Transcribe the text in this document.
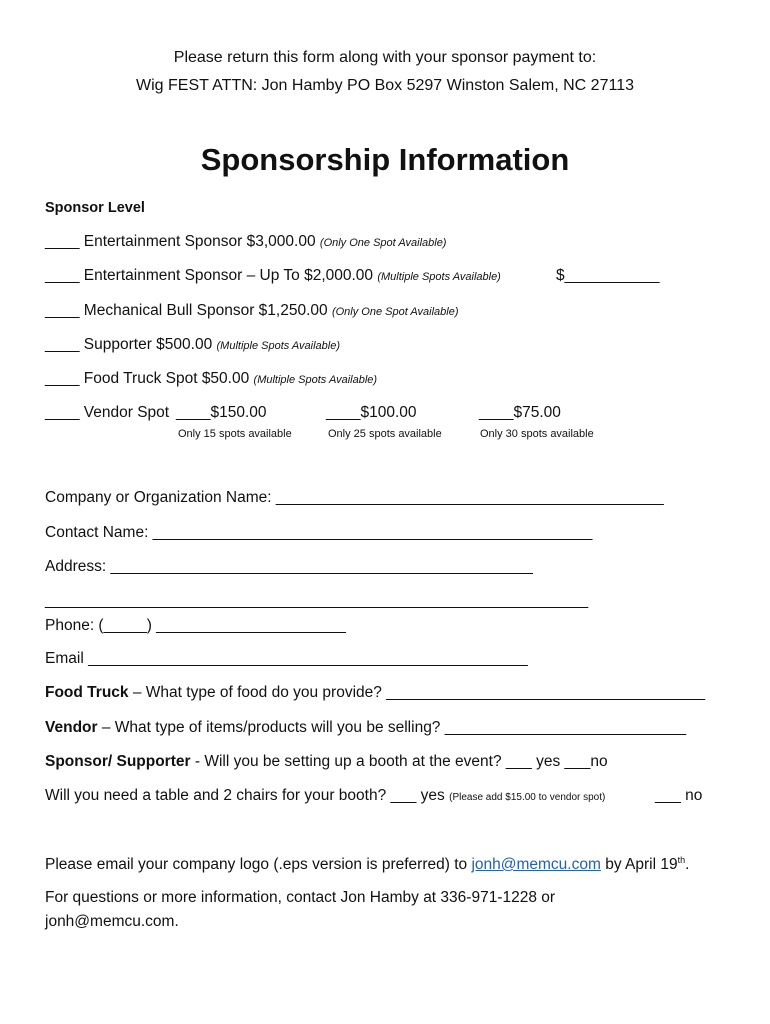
Please return this form along with your sponsor payment to:
Wig FEST ATTN: Jon Hamby PO Box 5297 Winston Salem, NC 27113
Sponsorship Information
Sponsor Level
____ Entertainment Sponsor $3,000.00 (Only One Spot Available)
____ Entertainment Sponsor – Up To $2,000.00 (Multiple Spots Available)	$___________
____ Mechanical Bull Sponsor $1,250.00 (Only One Spot Available)
____ Supporter $500.00 (Multiple Spots Available)
____ Food Truck Spot $50.00 (Multiple Spots Available)
____ Vendor Spot ____$150.00	____$100.00	____$75.00
Only 15 spots available	Only 25 spots available	Only 30 spots available
Company or Organization Name: _____________________________________________
Contact Name: ___________________________________________________
Address: _________________________________________________
_______________________________________________________________
Phone: (_____) ______________________
Email ___________________________________________________
Food Truck – What type of food do you provide? _____________________________________
Vendor – What type of items/products will you be selling? ____________________________
Sponsor/ Supporter - Will you be setting up a booth at the event? ___ yes ___no
Will you need a table and 2 chairs for your booth? ___ yes (Please add $15.00 to vendor spot)	___ no
Please email your company logo (.eps version is preferred) to jonh@memcu.com by April 19th.
For questions or more information, contact Jon Hamby at 336-971-1228 or
jonh@memcu.com.
